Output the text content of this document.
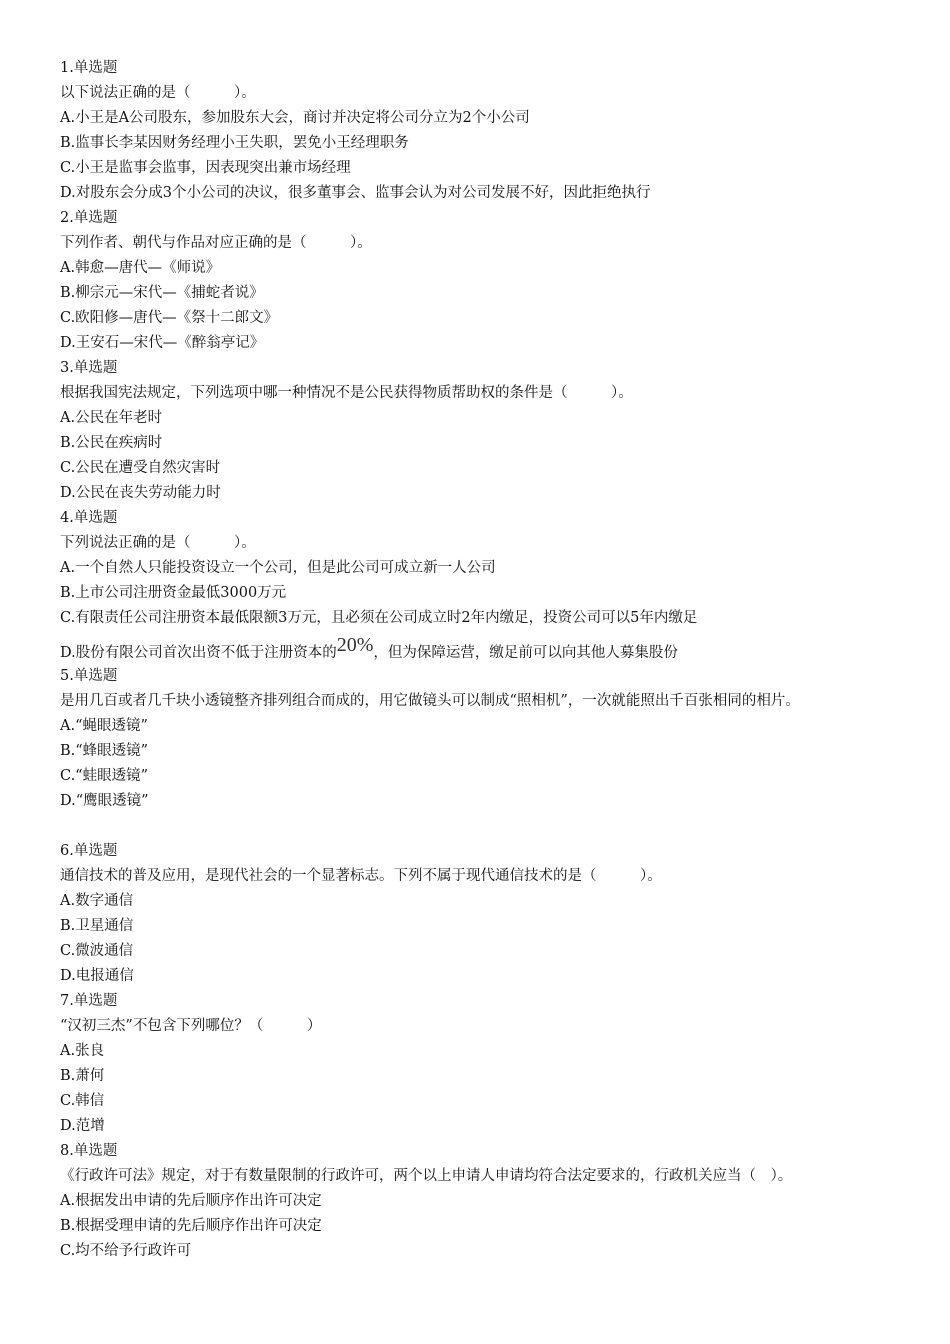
1.单选题
以下说法正确的是（　　　）。
A.小王是A公司股东，参加股东大会，商讨并决定将公司分立为2个小公司
B.监事长李某因财务经理小王失职，罢免小王经理职务
C.小王是监事会监事，因表现突出兼市场经理
D.对股东会分成3个小公司的决议，很多董事会、监事会认为对公司发展不好，因此拒绝执行
2.单选题
下列作者、朝代与作品对应正确的是（　　　）。
A.韩愈—唐代—《师说》
B.柳宗元—宋代—《捕蛇者说》
C.欧阳修—唐代—《祭十二郎文》
D.王安石—宋代—《醉翁亭记》
3.单选题
根据我国宪法规定，下列选项中哪一种情况不是公民获得物质帮助权的条件是（　　　）。
A.公民在年老时
B.公民在疾病时
C.公民在遭受自然灾害时
D.公民在丧失劳动能力时
4.单选题
下列说法正确的是（　　　）。
A.一个自然人只能投资设立一个公司，但是此公司可成立新一人公司
B.上市公司注册资金最低3000万元
C.有限责任公司注册资本最低限额3万元，且必须在公司成立时2年内缴足，投资公司可以5年内缴足
D.股份有限公司首次出资不低于注册资本的20%，但为保障运营，缴足前可以向其他人募集股份
5.单选题
是用几百或者几千块小透镜整齐排列组合而成的，用它做镜头可以制成“照相机”，一次就能照出千百张相同的相片。
A.“蝇眼透镜”
B.“蜂眼透镜”
C.“蛙眼透镜”
D.“鹰眼透镜”
6.单选题
通信技术的普及应用，是现代社会的一个显著标志。下列不属于现代通信技术的是（　　　）。
A.数字通信
B.卫星通信
C.微波通信
D.电报通信
7.单选题
“汉初三杰”不包含下列哪位？（　　　）
A.张良
B.萧何
C.韩信
D.范增
8.单选题
《行政许可法》规定，对于有数量限制的行政许可，两个以上申请人申请均符合法定要求的，行政机关应当（　）。
A.根据发出申请的先后顺序作出许可决定
B.根据受理申请的先后顺序作出许可决定
C.均不给予行政许可
